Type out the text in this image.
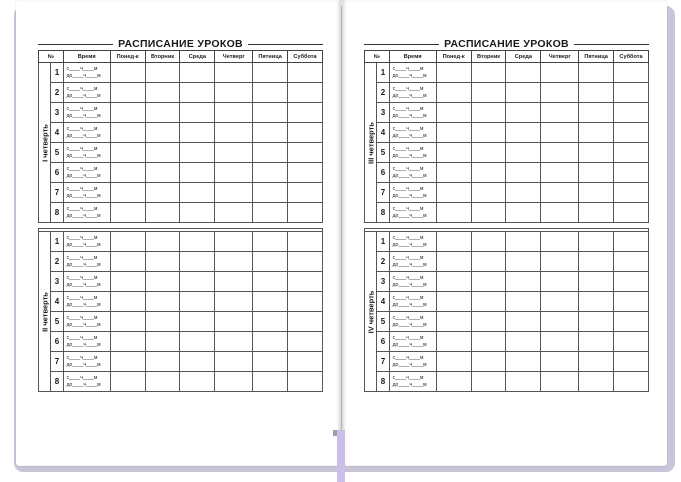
РАСПИСАНИЕ УРОКОВ
№		Время	Понед-к	Вторник	Среда	Четверг	Пятница	Суббота

I четверть	1	с____ч____м
до____ч____м						

	2	с____ч____м
до____ч____м						

	3	с____ч____м
до____ч____м						

	4	с____ч____м
до____ч____м						

	5	с____ч____м
до____ч____м						

	6	с____ч____м
до____ч____м						

	7	с____ч____м
до____ч____м						

	8	с____ч____м
до____ч____м						

II четверть	1	с____ч____м
до____ч____м						

	2	с____ч____м
до____ч____м						

	3	с____ч____м
до____ч____м						

	4	с____ч____м
до____ч____м						

	5	с____ч____м
до____ч____м						

	6	с____ч____м
до____ч____м						

	7	с____ч____м
до____ч____м						

	8	с____ч____м
до____ч____м						

РАСПИСАНИЕ УРОКОВ
№		Время	Понед-к	Вторник	Среда	Четверг	Пятница	Суббота

III четверть	1	с____ч____м
до____ч____м						

	2	с____ч____м
до____ч____м						

	3	с____ч____м
до____ч____м						

	4	с____ч____м
до____ч____м						

	5	с____ч____м
до____ч____м						

	6	с____ч____м
до____ч____м						

	7	с____ч____м
до____ч____м						

	8	с____ч____м
до____ч____м						

IV четверть	1	с____ч____м
до____ч____м						

	2	с____ч____м
до____ч____м						

	3	с____ч____м
до____ч____м						

	4	с____ч____м
до____ч____м						

	5	с____ч____м
до____ч____м						

	6	с____ч____м
до____ч____м						

	7	с____ч____м
до____ч____м						

	8	с____ч____м
до____ч____м						
